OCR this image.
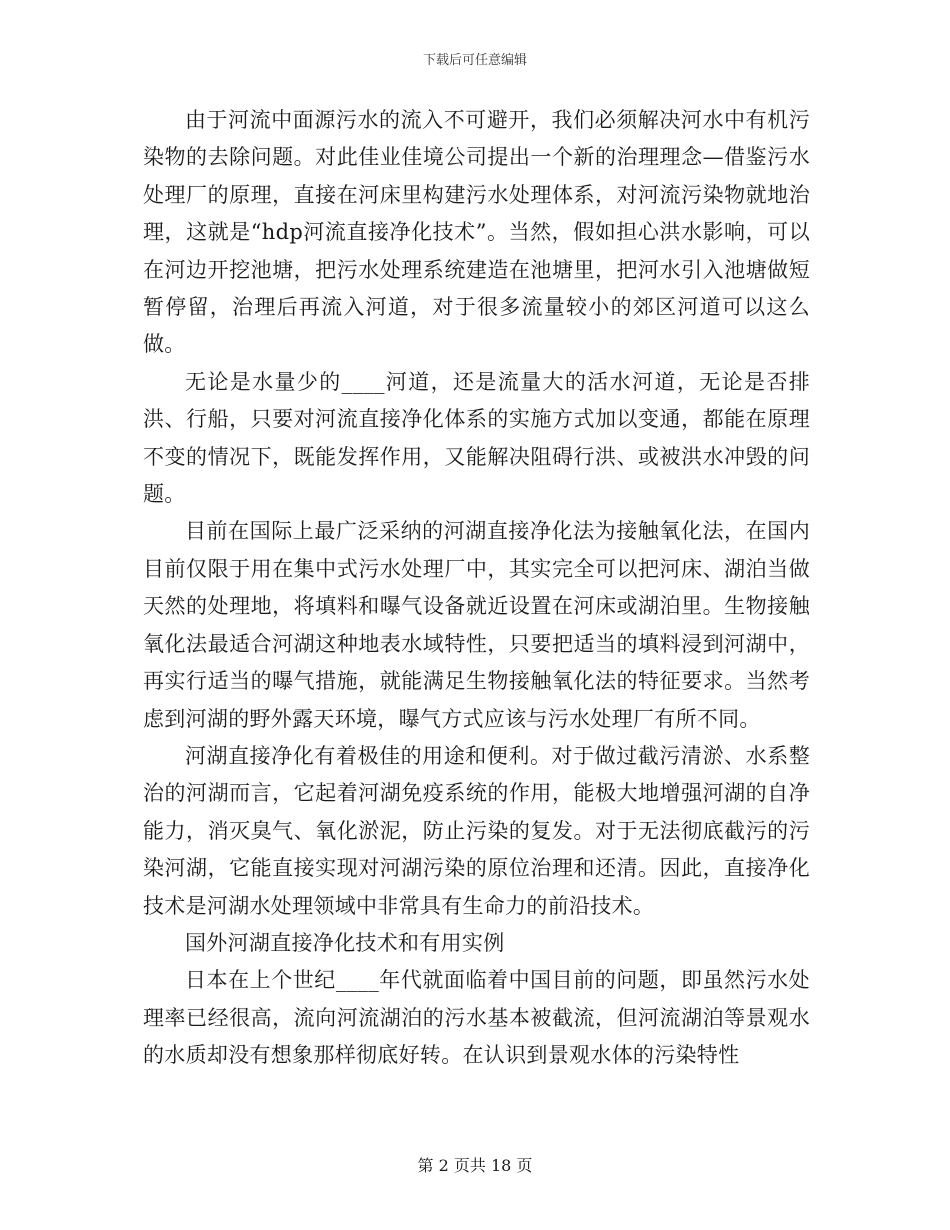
下载后可任意编辑

由于河流中面源污水的流入不可避开，我们必须解决河水中有机污染物的去除问题。对此佳业佳境公司提出一个新的治理理念—借鉴污水处理厂的原理，直接在河床里构建污水处理体系，对河流污染物就地治理，这就是“hdp河流直接净化技术”。当然，假如担心洪水影响，可以在河边开挖池塘，把污水处理系统建造在池塘里，把河水引入池塘做短暂停留，治理后再流入河道，对于很多流量较小的郊区河道可以这么做。

无论是水量少的____河道，还是流量大的活水河道，无论是否排洪、行船，只要对河流直接净化体系的实施方式加以变通，都能在原理不变的情况下，既能发挥作用，又能解决阻碍行洪、或被洪水冲毁的问题。

目前在国际上最广泛采纳的河湖直接净化法为接触氧化法，在国内目前仅限于用在集中式污水处理厂中，其实完全可以把河床、湖泊当做天然的处理地，将填料和曝气设备就近设置在河床或湖泊里。生物接触氧化法最适合河湖这种地表水域特性，只要把适当的填料浸到河湖中，再实行适当的曝气措施，就能满足生物接触氧化法的特征要求。当然考虑到河湖的野外露天环境，曝气方式应该与污水处理厂有所不同。

河湖直接净化有着极佳的用途和便利。对于做过截污清淤、水系整治的河湖而言，它起着河湖免疫系统的作用，能极大地增强河湖的自净能力，消灭臭气、氧化淤泥，防止污染的复发。对于无法彻底截污的污染河湖，它能直接实现对河湖污染的原位治理和还清。因此，直接净化技术是河湖水处理领域中非常具有生命力的前沿技术。

国外河湖直接净化技术和有用实例

日本在上个世纪____年代就面临着中国目前的问题，即虽然污水处理率已经很高，流向河流湖泊的污水基本被截流，但河流湖泊等景观水的水质却没有想象那样彻底好转。在认识到景观水体的污染特性

第 2 页共 18 页
